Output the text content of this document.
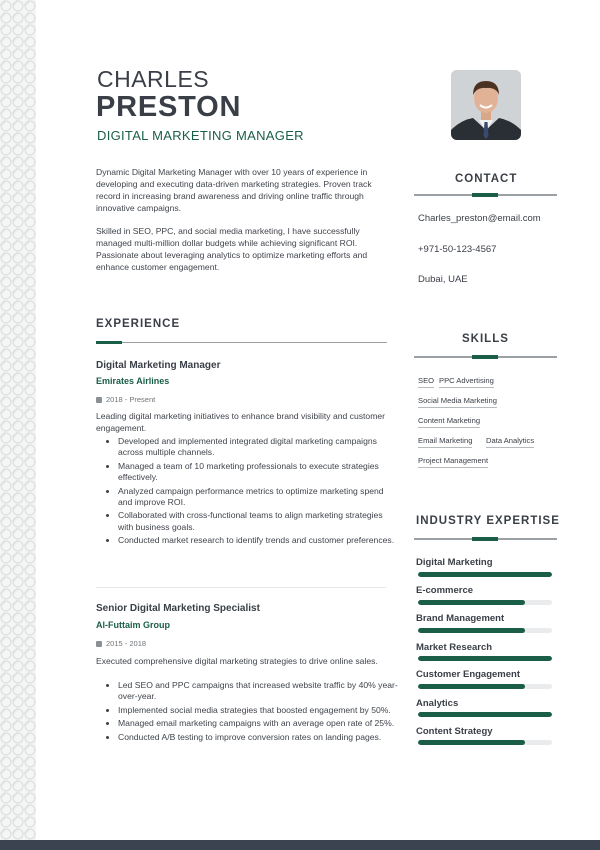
CHARLES
PRESTON
DIGITAL MARKETING MANAGER

Dynamic Digital Marketing Manager with over 10 years of experience in developing and executing data-driven marketing strategies. Proven track record in increasing brand awareness and driving online traffic through innovative campaigns.

Skilled in SEO, PPC, and social media marketing, I have successfully managed multi-million dollar budgets while achieving significant ROI. Passionate about leveraging analytics to optimize marketing efforts and enhance customer engagement.

CONTACT
Charles_preston@email.com
+971-50-123-4567
Dubai, UAE
EXPERIENCE
Digital Marketing Manager
Emirates Airlines
2018 - Present
Leading digital marketing initiatives to enhance brand visibility and customer engagement.
• Developed and implemented integrated digital marketing campaigns across multiple channels.
• Managed a team of 10 marketing professionals to execute strategies effectively.
• Analyzed campaign performance metrics to optimize marketing spend and improve ROI.
• Collaborated with cross-functional teams to align marketing strategies with business goals.
• Conducted market research to identify trends and customer preferences.
Senior Digital Marketing Specialist
Al-Futtaim Group
2015 - 2018
Executed comprehensive digital marketing strategies to drive online sales.
• Led SEO and PPC campaigns that increased website traffic by 40% year-over-year.
• Implemented social media strategies that boosted engagement by 50%.
• Managed email marketing campaigns with an average open rate of 25%.
• Conducted A/B testing to improve conversion rates on landing pages.
SKILLS
SEO PPC Advertising
Social Media Marketing
Content Marketing
Email Marketing Data Analytics
Project Management
INDUSTRY EXPERTISE
Digital Marketing
E-commerce
Brand Management
Market Research
Customer Engagement
Analytics
Content Strategy
